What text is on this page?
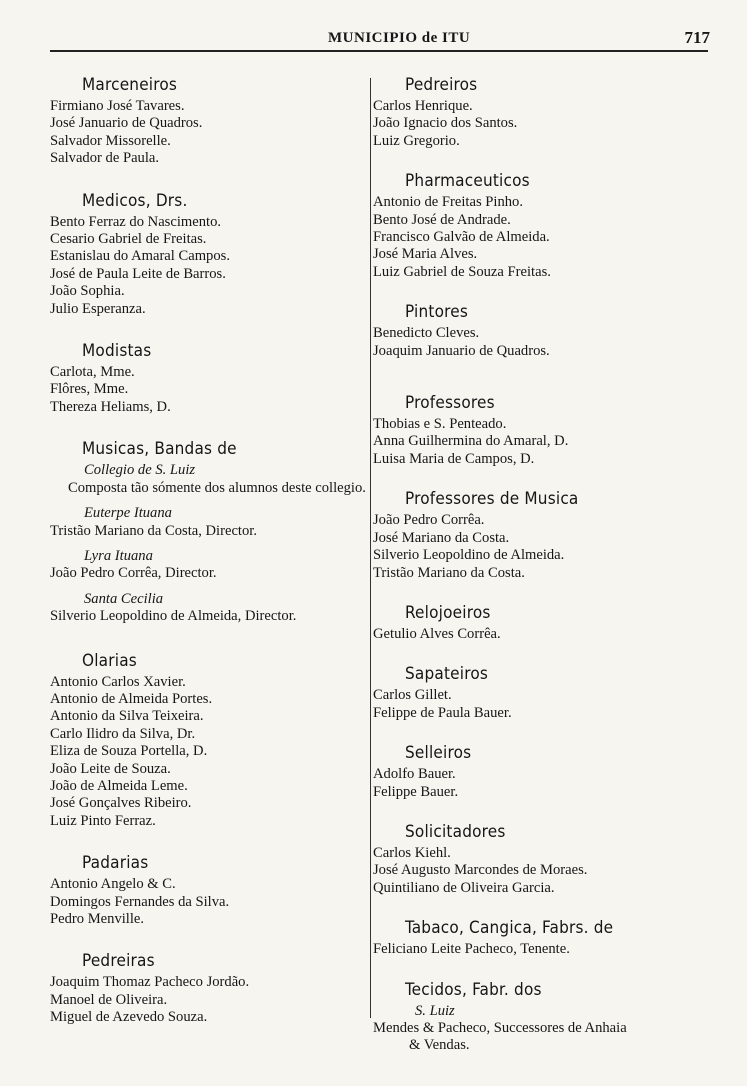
MUNICIPIO de ITU	717
Marceneiros
Firmiano José Tavares.
José Januario de Quadros.
Salvador Missorelle.
Salvador de Paula.
Medicos, Drs.
Bento Ferraz do Nascimento.
Cesario Gabriel de Freitas.
Estanislau do Amaral Campos.
José de Paula Leite de Barros.
João Sophia.
Julio Esperanza.
Modistas
Carlota, Mme.
Flôres, Mme.
Thereza Heliams, D.
Musicas, Bandas de
Collegio de S. Luiz
Composta tão sómente dos alumnos deste collegio.
Euterpe Ituana
Tristão Mariano da Costa, Director.
Lyra Ituana
João Pedro Corrêa, Director.
Santa Cecilia
Silverio Leopoldino de Almeida, Director.
Olarias
Antonio Carlos Xavier.
Antonio de Almeida Portes.
Antonio da Silva Teixeira.
Carlo Ilidro da Silva, Dr.
Eliza de Souza Portella, D.
João Leite de Souza.
João de Almeida Leme.
José Gonçalves Ribeiro.
Luiz Pinto Ferraz.
Padarias
Antonio Angelo & C.
Domingos Fernandes da Silva.
Pedro Menville.
Pedreiras
Joaquim Thomaz Pacheco Jordão.
Manoel de Oliveira.
Miguel de Azevedo Souza.
Pedreiros
Carlos Henrique.
João Ignacio dos Santos.
Luiz Gregorio.
Pharmaceuticos
Antonio de Freitas Pinho.
Bento José de Andrade.
Francisco Galvão de Almeida.
José Maria Alves.
Luiz Gabriel de Souza Freitas.
Pintores
Benedicto Cleves.
Joaquim Januario de Quadros.
Professores
Thobias e S. Penteado.
Anna Guilhermina do Amaral, D.
Luisa Maria de Campos, D.
Professores de Musica
João Pedro Corrêa.
José Mariano da Costa.
Silverio Leopoldino de Almeida.
Tristão Mariano da Costa.
Relojoeiros
Getulio Alves Corrêa.
Sapateiros
Carlos Gillet.
Felippe de Paula Bauer.
Selleiros
Adolfo Bauer.
Felippe Bauer.
Solicitadores
Carlos Kiehl.
José Augusto Marcondes de Moraes.
Quintiliano de Oliveira Garcia.
Tabaco, Cangica, Fabrs. de
Feliciano Leite Pacheco, Tenente.
Tecidos, Fabr. dos
S. Luiz
Mendes & Pacheco, Successores de Anhaia
& Vendas.
